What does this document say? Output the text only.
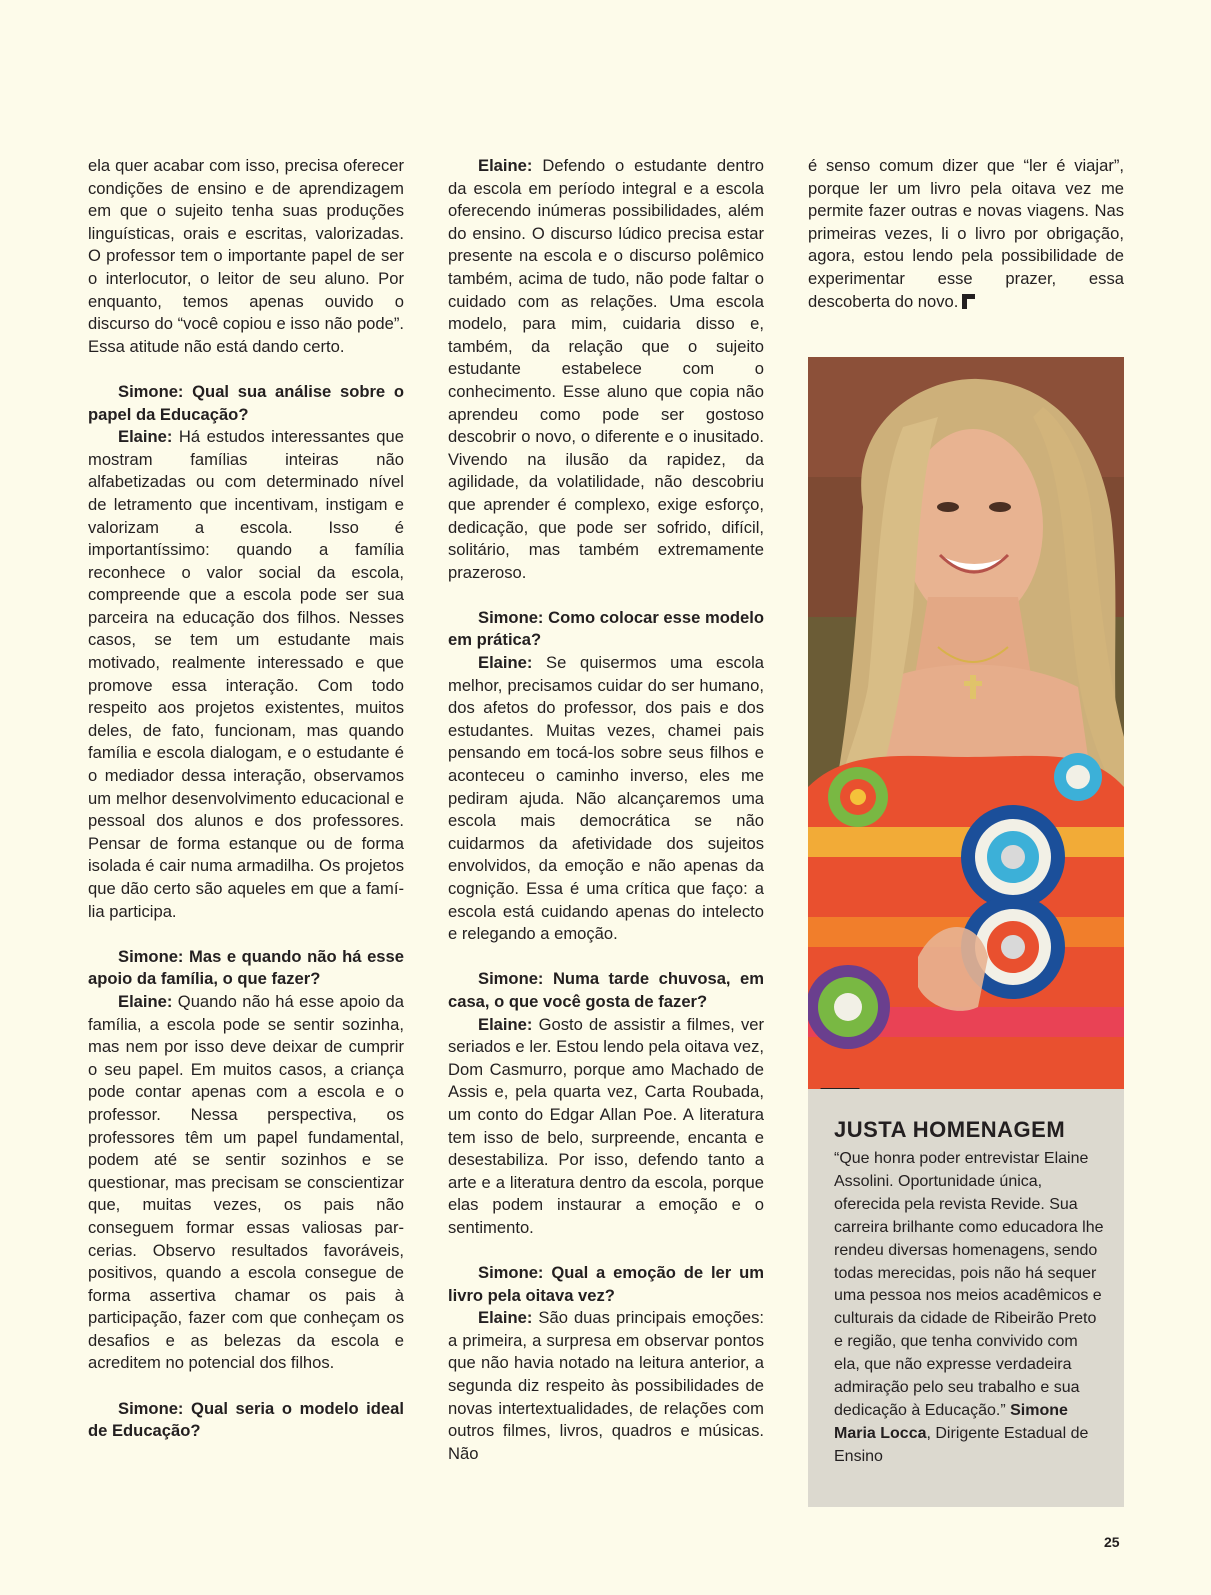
ela quer acabar com isso, precisa oferecer condições de ensino e de aprendizagem em que o sujeito tenha suas produções linguísticas, orais e escritas, valorizadas. O professor tem o importante papel de ser o interlocutor, o leitor de seu aluno. Por enquanto, temos apenas ouvido o discurso do “você copiou e isso não pode”. Essa atitude não está dando certo.

Simone: Qual sua análise sobre o papel da Educação?

Elaine: Há estudos interessantes que mostram famílias inteiras não alfabetizadas ou com determinado nível de letramento que incentivam, instigam e valorizam a escola. Isso é importantíssimo: quando a família reconhece o valor social da escola, compreende que a escola pode ser sua parceira na educação dos filhos. Nesses casos, se tem um estudante mais motivado, realmente interessado e que promove essa interação. Com todo respeito aos projetos existentes, muitos deles, de fato, funcionam, mas quando família e escola dialogam, e o estudante é o mediador dessa interação, observamos um melhor desenvolvimento educacional e pessoal dos alunos e dos professores. Pensar de forma estanque ou de forma isolada é cair numa armadilha. Os projetos que dão certo são aqueles em que a família participa.

Simone: Mas e quando não há esse apoio da família, o que fazer?

Elaine: Quando não há esse apoio da família, a escola pode se sentir sozinha, mas nem por isso deve deixar de cumprir o seu papel. Em muitos casos, a criança pode contar apenas com a escola e o professor. Nessa perspectiva, os professores têm um papel fundamental, podem até se sentir sozinhos e se questionar, mas precisam se conscientizar que, muitas vezes, os pais não conseguem formar essas valiosas parcerias. Observo resultados favoráveis, positivos, quando a escola consegue de forma assertiva chamar os pais à participação, fazer com que conheçam os desafios e as belezas da escola e acreditem no potencial dos filhos.

Simone: Qual seria o modelo ideal de Educação?

Elaine: Defendo o estudante dentro da escola em período integral e a escola oferecendo inúmeras possibilidades, além do ensino. O discurso lúdico precisa estar presente na escola e o discurso polêmico também, acima de tudo, não pode faltar o cuidado com as relações. Uma escola modelo, para mim, cuidaria disso e, também, da relação que o sujeito estudante estabelece com o conhecimento. Esse aluno que copia não aprendeu como pode ser gostoso descobrir o novo, o diferente e o inusitado. Vivendo na ilusão da rapidez, da agilidade, da volatilidade, não descobriu que aprender é complexo, exige esforço, dedicação, que pode ser sofrido, difícil, solitário, mas também extremamente prazeroso.

Simone: Como colocar esse modelo em prática?

Elaine: Se quisermos uma escola melhor, precisamos cuidar do ser humano, dos afetos do professor, dos pais e dos estudantes. Muitas vezes, chamei pais pensando em tocá-los sobre seus filhos e aconteceu o caminho inverso, eles me pediram ajuda. Não alcançaremos uma escola mais democrática se não cuidarmos da afetividade dos sujeitos envolvidos, da emoção e não apenas da cognição. Essa é uma crítica que faço: a escola está cuidando apenas do intelecto e relegando a emoção.

Simone: Numa tarde chuvosa, em casa, o que você gosta de fazer?

Elaine: Gosto de assistir a filmes, ver seriados e ler. Estou lendo pela oitava vez, Dom Casmurro, porque amo Machado de Assis e, pela quarta vez, Carta Roubada, um conto do Edgar Allan Poe. A literatura tem isso de belo, surpreende, encanta e desestabiliza. Por isso, defendo tanto a arte e a literatura dentro da escola, porque elas podem instaurar a emoção e o sentimento.

Simone: Qual a emoção de ler um livro pela oitava vez?

Elaine: São duas principais emoções: a primeira, a surpresa em observar pontos que não havia notado na leitura anterior, a segunda diz respeito às possibilidades de novas intertextualidades, de relações com outros filmes, livros, quadros e músicas. Não

é senso comum dizer que “ler é viajar”, porque ler um livro pela oitava vez me permite fazer outras e novas viagens. Nas primeiras vezes, li o livro por obrigação, agora, estou lendo pela possibilidade de experimentar esse prazer, essa descoberta do novo.

JUSTA HOMENAGEM
“Que honra poder entrevistar Elaine Assolini. Oportunidade única, oferecida pela revista Revide. Sua carreira brilhante como educadora lhe rendeu diversas homenagens, sendo todas merecidas, pois não há sequer uma pessoa nos meios acadêmicos e culturais da cidade de Ribeirão Preto e região, que tenha convivido com ela, que não expresse verdadeira admiração pelo seu trabalho e sua dedicação à Educação.” Simone Maria Locca, Dirigente Estadual de Ensino
25
